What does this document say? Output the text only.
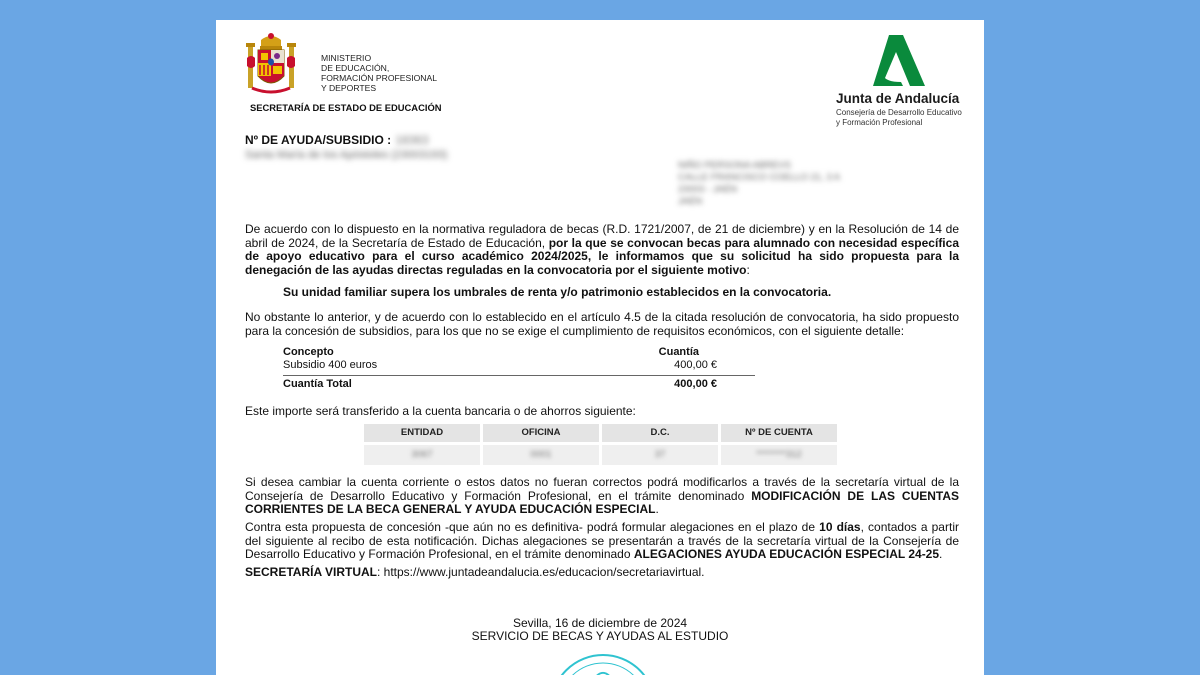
MINISTERIO
DE EDUCACIÓN,
FORMACIÓN PROFESIONAL
Y DEPORTES
SECRETARÍA DE ESTADO DE EDUCACIÓN
Junta de Andalucía
Consejería de Desarrollo Educativo
y Formación Profesional
Nº DE AYUDA/SUBSIDIO : 18363
Santa María de los Apóstoles (23003193)
NIÑO PERSONA ABREVS
CALLE FRANCISCO COELLO 21, 3 A
23003 - JAÉN
JAÉN
De acuerdo con lo dispuesto en la normativa reguladora de becas (R.D. 1721/2007, de 21 de diciembre) y en la Resolución de 14 de abril de 2024, de la Secretaría de Estado de Educación, por la que se convocan becas para alumnado con necesidad específica de apoyo educativo para el curso académico 2024/2025, le informamos que su solicitud ha sido propuesta para la denegación de las ayudas directas reguladas en la convocatoria por el siguiente motivo:
Su unidad familiar supera los umbrales de renta y/o patrimonio establecidos en la convocatoria.
No obstante lo anterior, y de acuerdo con lo establecido en el artículo 4.5 de la citada resolución de convocatoria, ha sido propuesto para la concesión de subsidios, para los que no se exige el cumplimiento de requisitos económicos, con el siguiente detalle:
Concepto	Cuantía
Subsidio 400 euros	400,00 €
Cuantía Total	400,00 €
Este importe será transferido a la cuenta bancaria o de ahorros siguiente:
ENTIDAD	OFICINA	D.C.	Nº DE CUENTA
3067	0001	37	********312
Si desea cambiar la cuenta corriente o estos datos no fueran correctos podrá modificarlos a través de la secretaría virtual de la Consejería de Desarrollo Educativo y Formación Profesional, en el trámite denominado MODIFICACIÓN DE LAS CUENTAS CORRIENTES DE LA BECA GENERAL Y AYUDA EDUCACIÓN ESPECIAL.
Contra esta propuesta de concesión -que aún no es definitiva- podrá formular alegaciones en el plazo de 10 días, contados a partir del siguiente al recibo de esta notificación. Dichas alegaciones se presentarán a través de la secretaría virtual de la Consejería de Desarrollo Educativo y Formación Profesional, en el trámite denominado ALEGACIONES AYUDA EDUCACIÓN ESPECIAL 24-25.
SECRETARÍA VIRTUAL: https://www.juntadeandalucia.es/educacion/secretariavirtual.
Sevilla, 16 de diciembre de 2024
SERVICIO DE BECAS Y AYUDAS AL ESTUDIO
